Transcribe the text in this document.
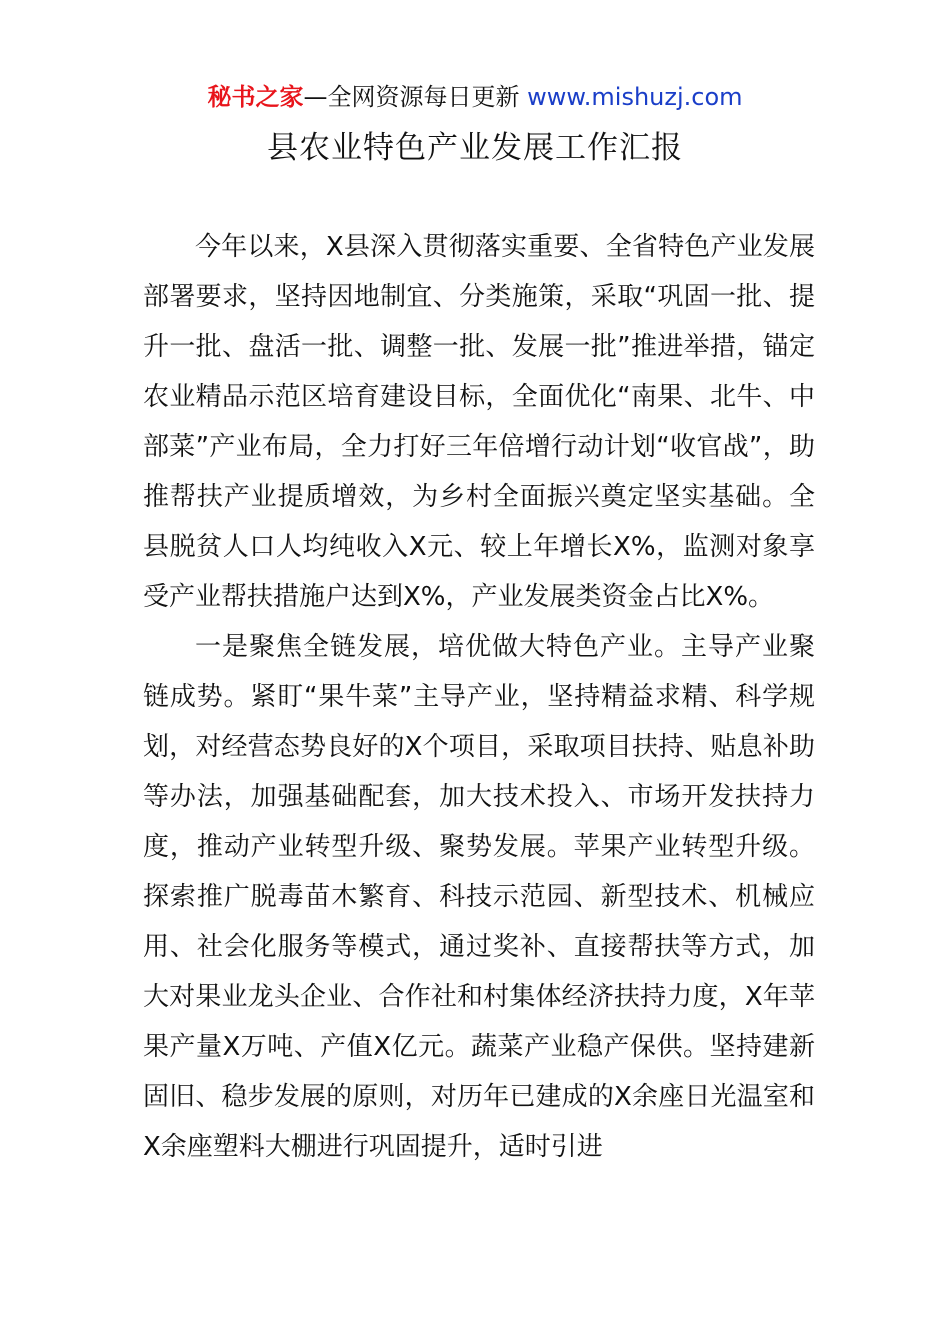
秘书之家—全网资源每日更新 www.mishuzj.com
县农业特色产业发展工作汇报

今年以来，X县深入贯彻落实重要、全省特色产业发展部署要求，坚持因地制宜、分类施策，采取“巩固一批、提升一批、盘活一批、调整一批、发展一批”推进举措，锚定农业精品示范区培育建设目标，全面优化“南果、北牛、中部菜”产业布局，全力打好三年倍增行动计划“收官战”，助推帮扶产业提质增效，为乡村全面振兴奠定坚实基础。全县脱贫人口人均纯收入X元、较上年增长X%，监测对象享受产业帮扶措施户达到X%，产业发展类资金占比X%。

一是聚焦全链发展，培优做大特色产业。主导产业聚链成势。紧盯“果牛菜”主导产业，坚持精益求精、科学规划，对经营态势良好的X个项目，采取项目扶持、贴息补助等办法，加强基础配套，加大技术投入、市场开发扶持力度，推动产业转型升级、聚势发展。苹果产业转型升级。探索推广脱毒苗木繁育、科技示范园、新型技术、机械应用、社会化服务等模式，通过奖补、直接帮扶等方式，加大对果业龙头企业、合作社和村集体经济扶持力度，X年苹果产量X万吨、产值X亿元。蔬菜产业稳产保供。坚持建新固旧、稳步发展的原则，对历年已建成的X余座日光温室和X余座塑料大棚进行巩固提升，适时引进
